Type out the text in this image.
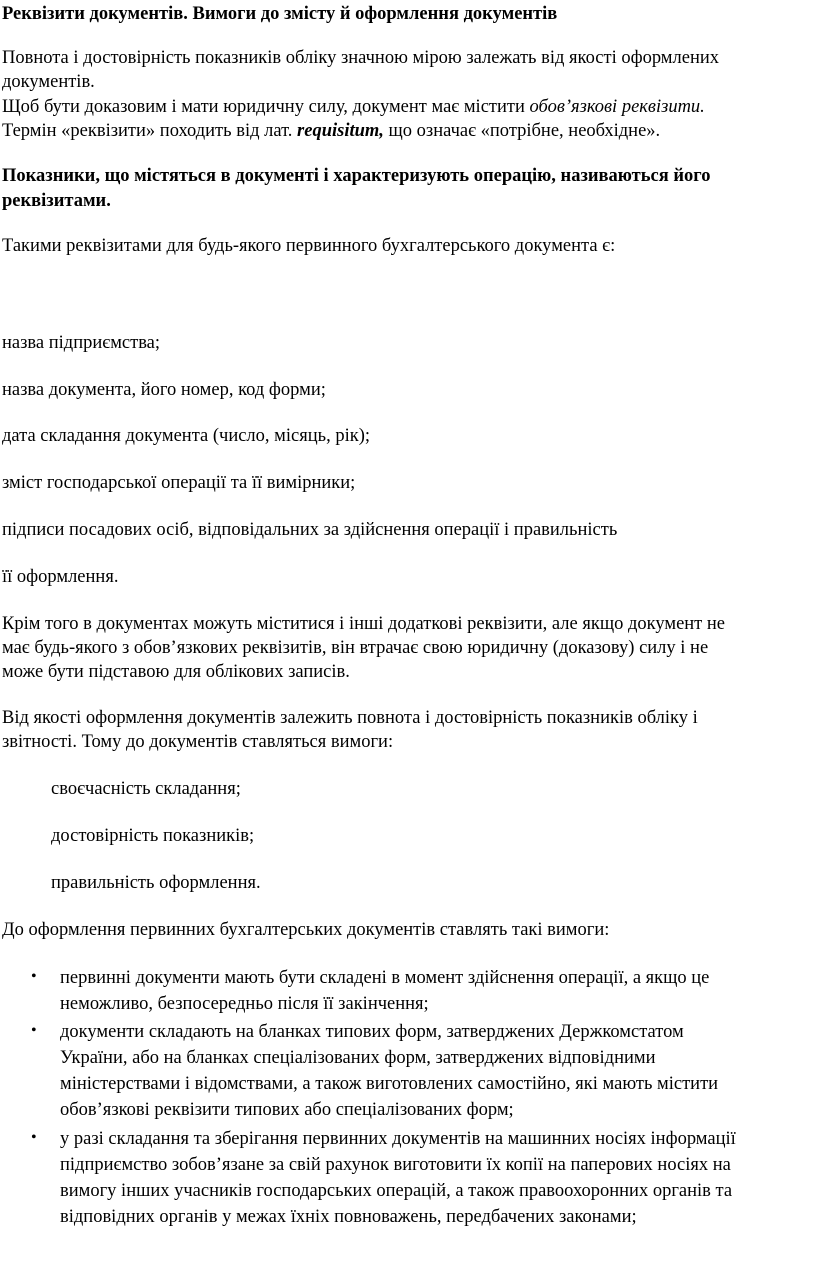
Реквізити документів. Вимоги до змісту й оформлення документів
Повнота і достовірність показників обліку значною мірою залежать від якості оформлених
документів.
Щоб бути доказовим і мати юридичну силу, документ має містити обов’язкові реквізити.
Термін «реквізити» походить від лат. requisitum, що означає «потрібне, необхідне».
Показники, що містяться в документі і характеризують операцію, називаються його
реквізитами.
Такими реквізитами для будь-якого первинного бухгалтерського документа є:
назва підприємства;
назва документа, його номер, код форми;
дата складання документа (число, місяць, рік);
зміст господарської операції та її вимірники;
підписи посадових осіб, відповідальних за здійснення операції і правильність
її оформлення.
Крім того в документах можуть міститися і інші додаткові реквізити, але якщо документ не
має будь-якого з обов’язкових реквізитів, він втрачає свою юридичну (доказову) силу і не
може бути підставою для облікових записів.
Від якості оформлення документів залежить повнота і достовірність показників обліку і
звітності. Тому до документів ставляться вимоги:
своєчасність складання;
достовірність показників;
правильність оформлення.
До оформлення первинних бухгалтерських документів ставлять такі вимоги:
• первинні документи мають бути складені в момент здійснення операції, а якщо це
неможливо, безпосередньо після її закінчення;
• документи складають на бланках типових форм, затверджених Держкомстатом
України, або на бланках спеціалізованих форм, затверджених відповідними
міністерствами і відомствами, а також виготовлених самостійно, які мають містити
обов’язкові реквізити типових або спеціалізованих форм;
• у разі складання та зберігання первинних документів на машинних носіях інформації
підприємство зобов’язане за свій рахунок виготовити їх копії на паперових носіях на
вимогу інших учасників господарських операцій, а також правоохоронних органів та
відповідних органів у межах їхніх повноважень, передбачених законами;
